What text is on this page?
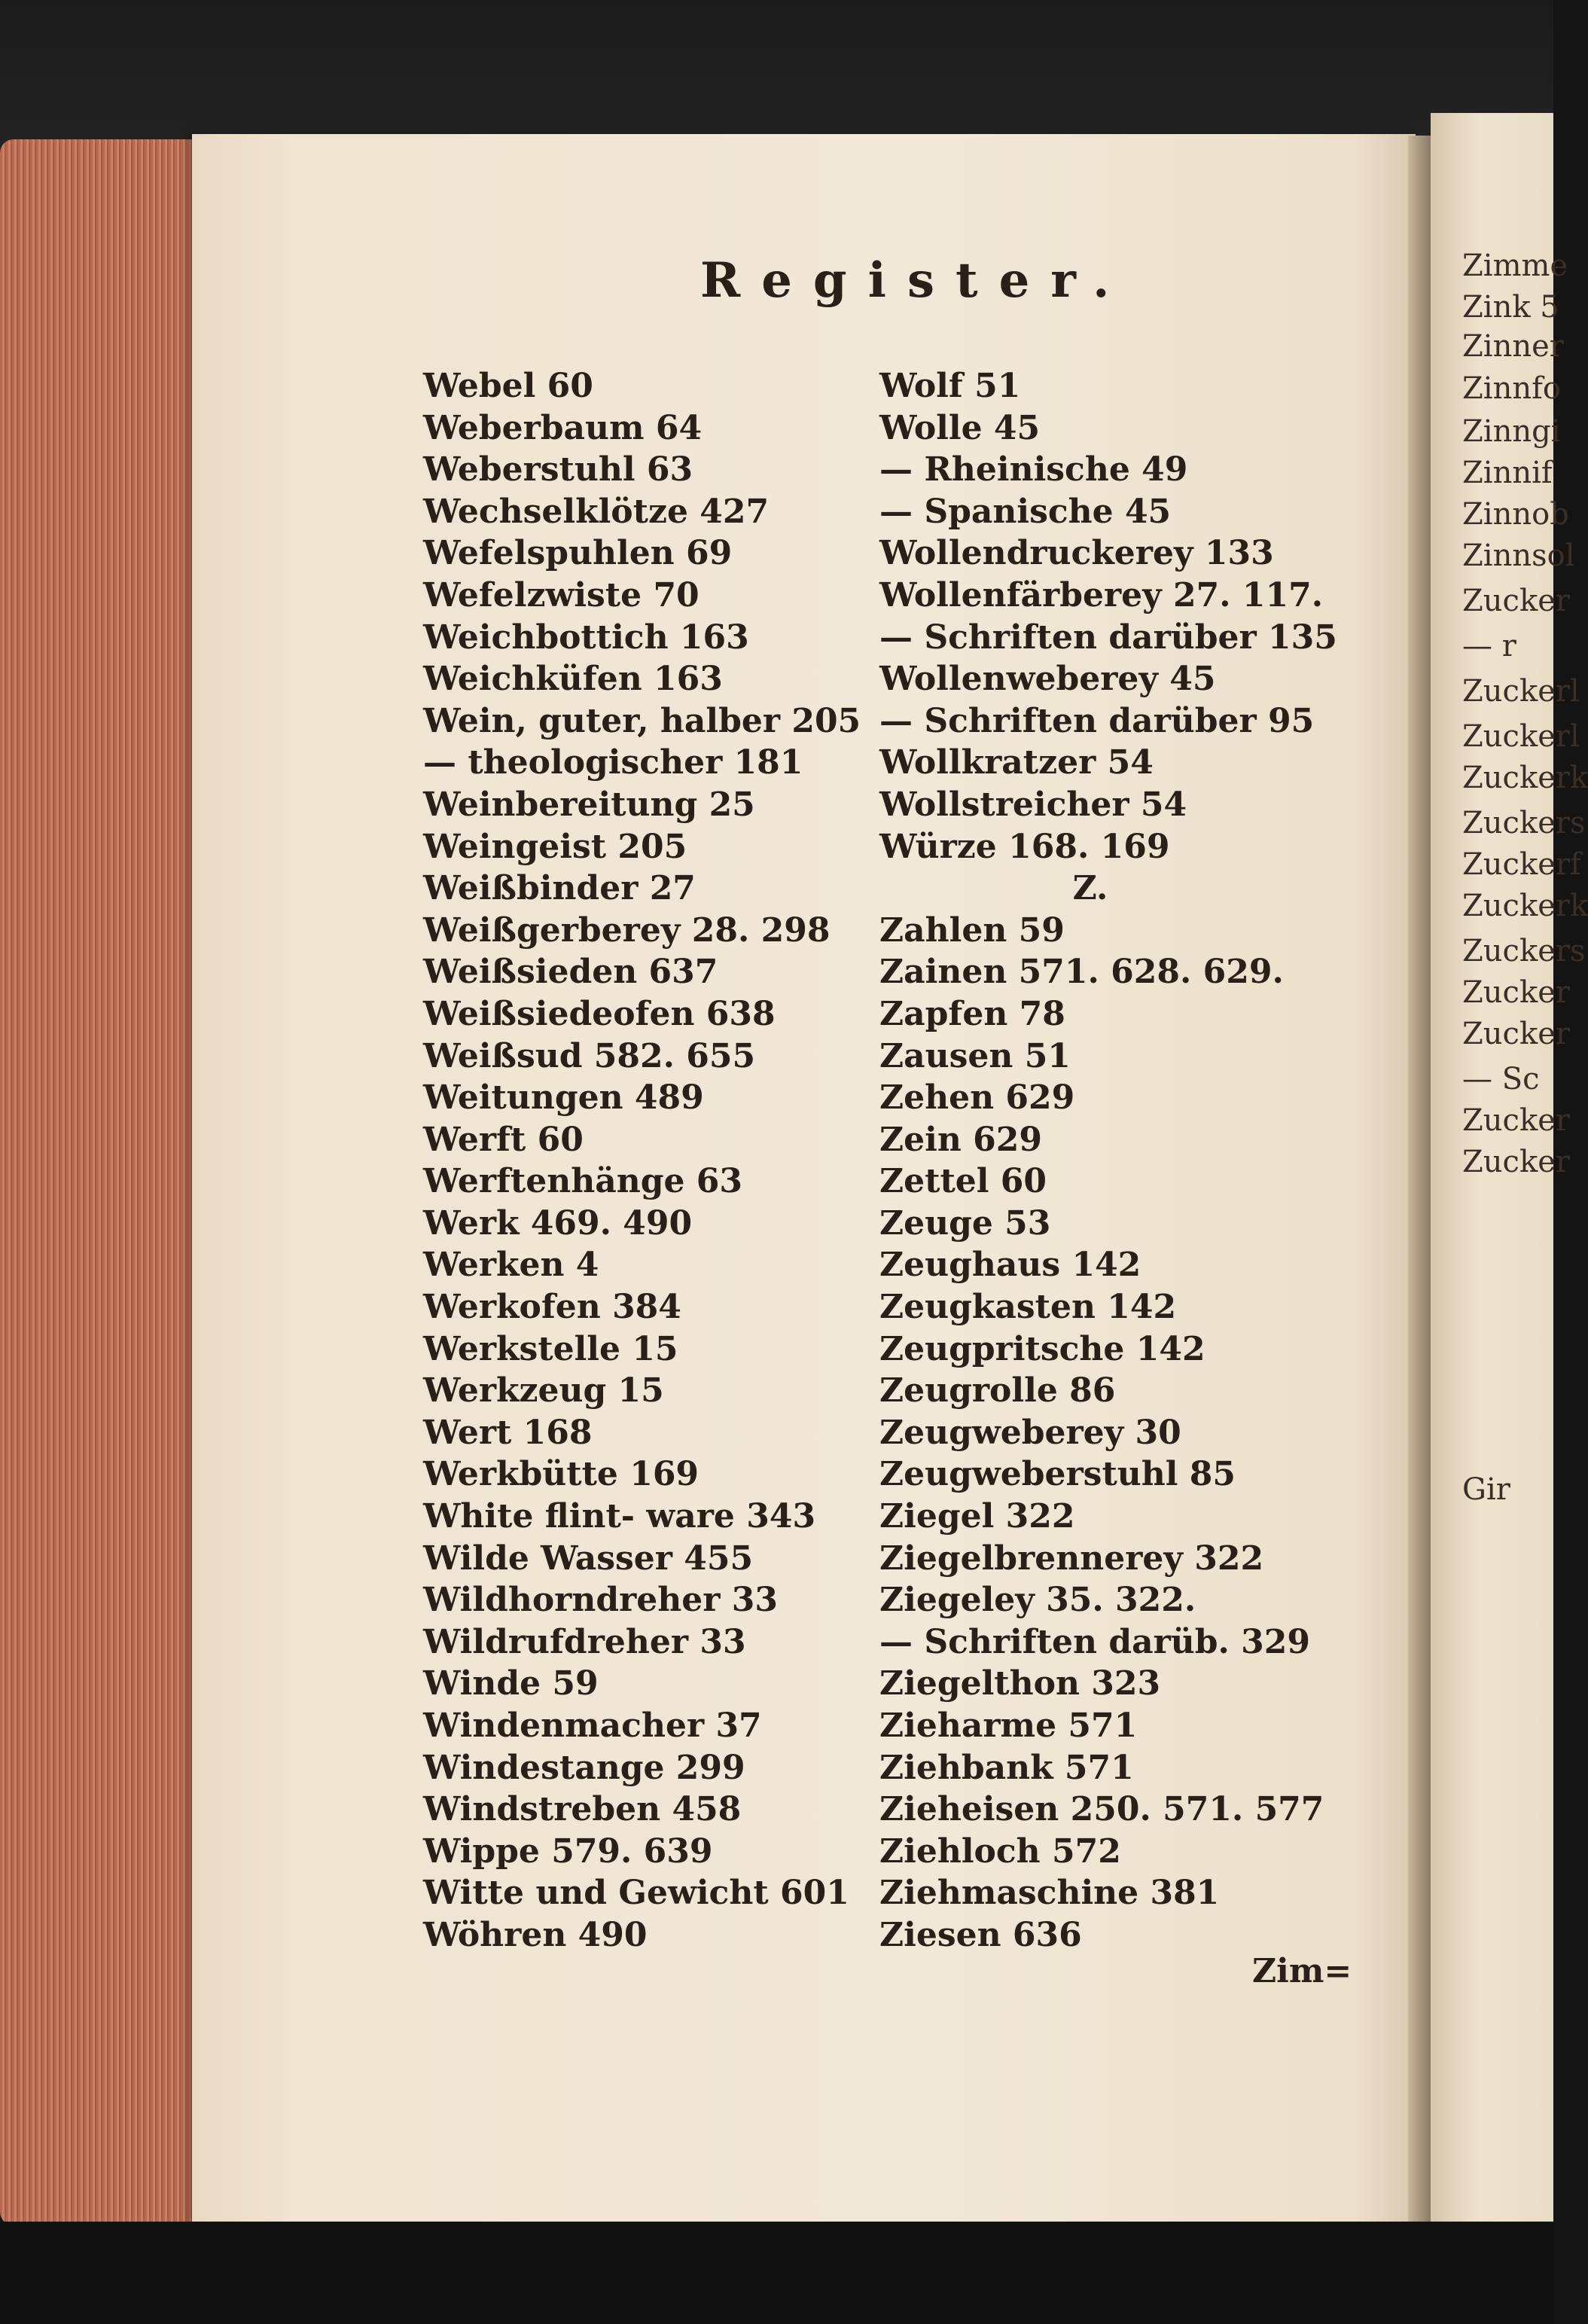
Zimme
Zink 5
Zinner
Zinnfo
Zinngi
Zinnif
Zinnob
Zinnsol
Zucker
— r
Zuckerl
Zuckerl
Zuckerk
Zuckers
Zuckerf
Zuckerk
Zuckers
Zucker
Zucker
— Sc
Zucker
Zucker
Gir
Register.
Webel 60
Weberbaum 64
Weberstuhl 63
Wechselklötze 427
Wefelspuhlen 69
Wefelzwiste 70
Weichbottich 163
Weichküfen 163
Wein, guter, halber 205
— theologischer 181
Weinbereitung 25
Weingeist 205
Weißbinder 27
Weißgerberey 28. 298
Weißsieden 637
Weißsiedeofen 638
Weißsud 582. 655
Weitungen 489
Werft 60
Werftenhänge 63
Werk 469. 490
Werken 4
Werkofen 384
Werkstelle 15
Werkzeug 15
Wert 168
Werkbütte 169
White flint- ware 343
Wilde Wasser 455
Wildhorndreher 33
Wildrufdreher 33
Winde 59
Windenmacher 37
Windestange 299
Windstreben 458
Wippe 579. 639
Witte und Gewicht 601
Wöhren 490
Wolf 51
Wolle 45
— Rheinische 49
— Spanische 45
Wollendruckerey 133
Wollenfärberey 27. 117.
— Schriften darüber 135
Wollenweberey 45
— Schriften darüber 95
Wollkratzer 54
Wollstreicher 54
Würze 168. 169
Z.
Zahlen 59
Zainen 571. 628. 629.
Zapfen 78
Zausen 51
Zehen 629
Zein 629
Zettel 60
Zeuge 53
Zeughaus 142
Zeugkasten 142
Zeugpritsche 142
Zeugrolle 86
Zeugweberey 30
Zeugweberstuhl 85
Ziegel 322
Ziegelbrennerey 322
Ziegeley 35. 322.
— Schriften darüb. 329
Ziegelthon 323
Zieharme 571
Ziehbank 571
Zieheisen 250. 571. 577
Ziehloch 572
Ziehmaschine 381
Ziesen 636
Zim=
